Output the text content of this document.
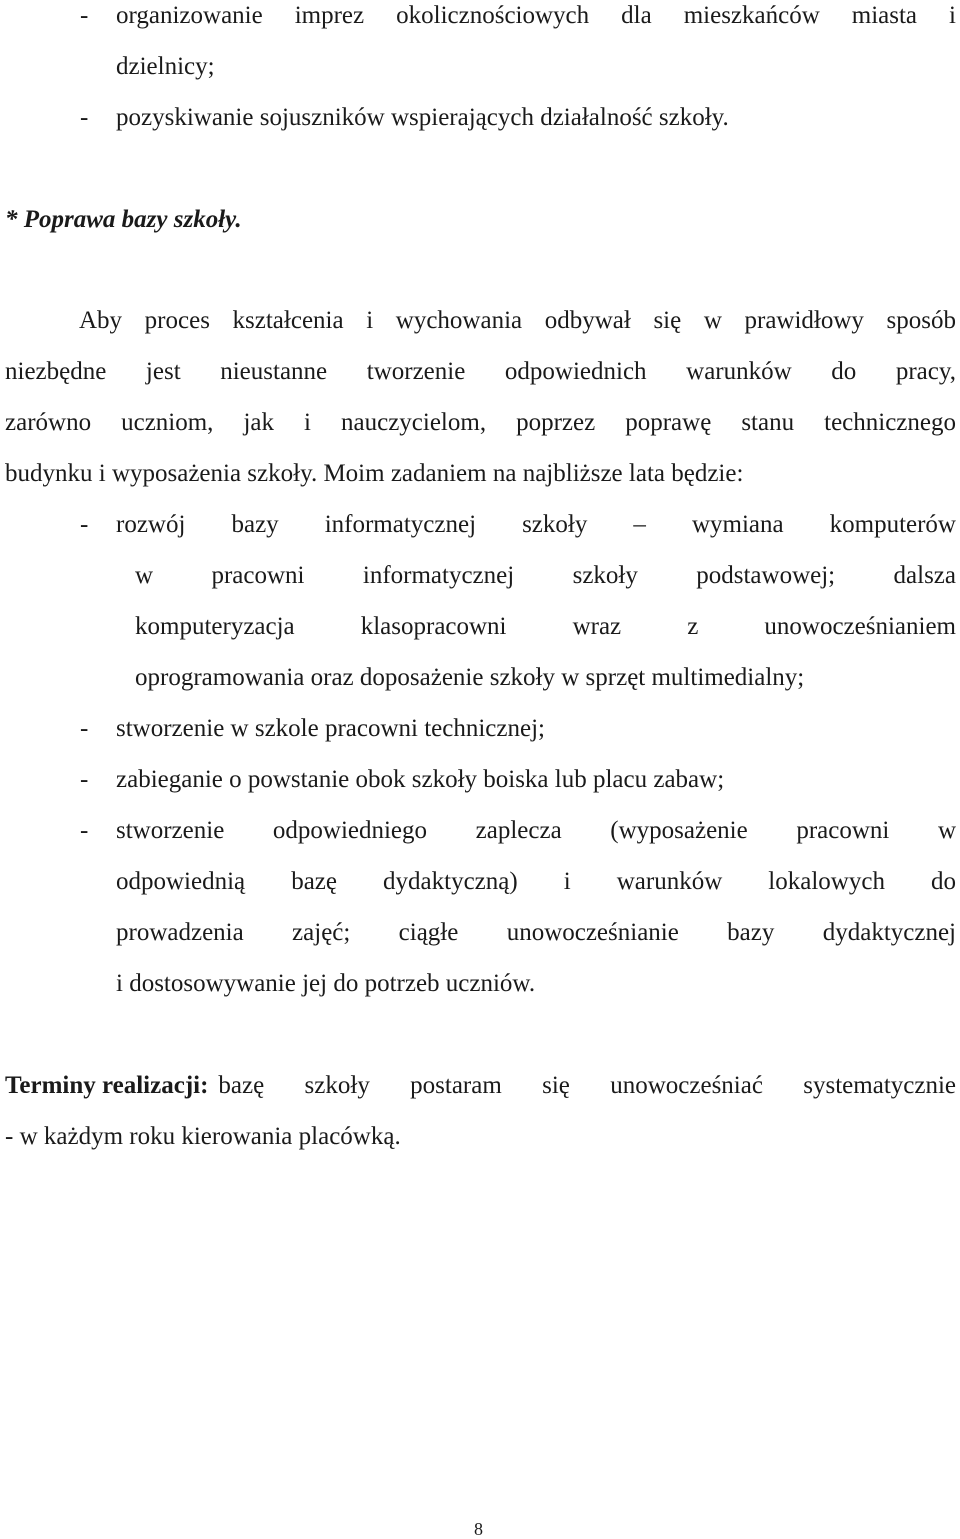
- organizowanie imprez okolicznościowych dla mieszkańców miasta i
dzielnicy;
- pozyskiwanie sojuszników wspierających działalność szkoły.
* Poprawa bazy szkoły.
Aby proces kształcenia i wychowania odbywał się w prawidłowy sposób
niezbędne jest nieustanne tworzenie odpowiednich warunków do pracy,
zarówno uczniom, jak i nauczycielom, poprzez poprawę stanu technicznego
budynku i wyposażenia szkoły. Moim zadaniem na najbliższe lata będzie:
- rozwój bazy informatycznej szkoły – wymiana komputerów
w pracowni informatycznej szkoły podstawowej; dalsza
komputeryzacja klasopracowni wraz z unowocześnianiem
oprogramowania oraz doposażenie szkoły w sprzęt multimedialny;
- stworzenie w szkole pracowni technicznej;
- zabieganie o powstanie obok szkoły boiska lub placu zabaw;
- stworzenie odpowiedniego zaplecza (wyposażenie pracowni w
odpowiednią bazę dydaktyczną) i warunków lokalowych do
prowadzenia zajęć; ciągłe unowocześnianie bazy dydaktycznej
i dostosowywanie jej do potrzeb uczniów.
Terminy realizacji: bazę szkoły postaram się unowocześniać systematycznie
- w każdym roku kierowania placówką.
8
